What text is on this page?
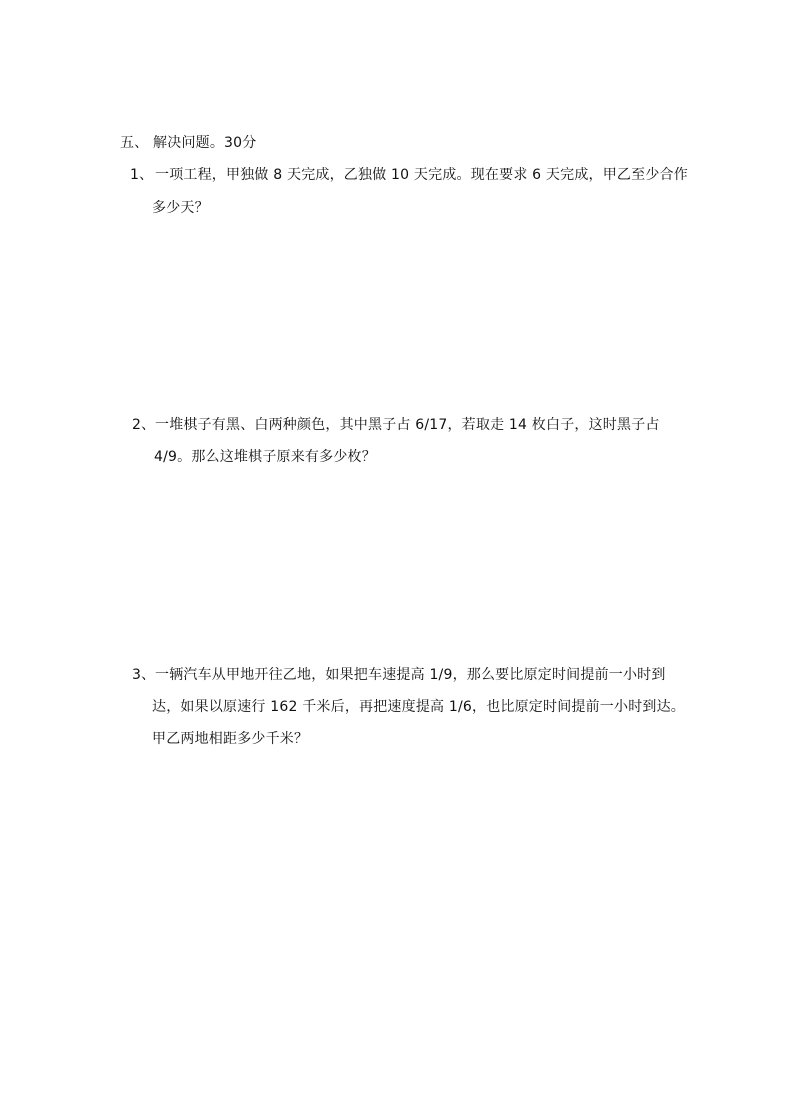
五、 解决问题。30分
1、 一项工程，甲独做 8 天完成，乙独做 10 天完成。现在要求 6 天完成，甲乙至少合作
多少天？
2、 一堆棋子有黑、白两种颜色，其中黑子占 6/17，若取走 14 枚白子，这时黑子占
4/9。那么这堆棋子原来有多少枚？
3、 一辆汽车从甲地开往乙地，如果把车速提高 1/9，那么要比原定时间提前一小时到
达，如果以原速行 162 千米后，再把速度提高 1/6，也比原定时间提前一小时到达。
甲乙两地相距多少千米？
